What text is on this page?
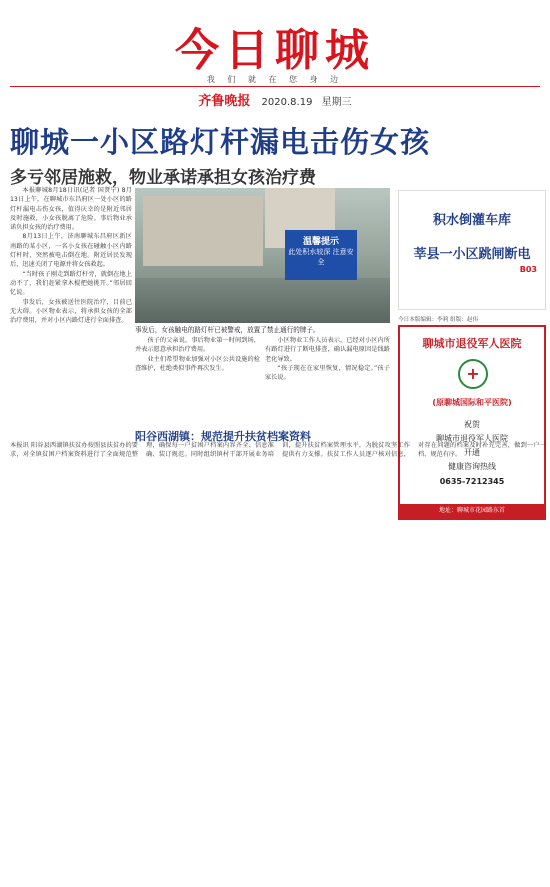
今日聊城
我 们 就 在 您 身 边
齐鲁晚报 2020.8.19 星期三
聊城一小区路灯杆漏电击伤女孩
多亏邻居施救，物业承诺承担女孩治疗费

本报聊城8月18日讯(记者 国贤宁) 8月13日上午，在聊城市东昌府区一处小区的路灯杆漏电击伤女孩，值得庆幸的是附近邻居及时施救，小女孩脱离了危险。事后物业承诺负担女孩的治疗费用。

8月13日上午，济南聊城东昌府区新区南路的某小区，一名小女孩在碰触小区内路灯杆时，突然被电击倒在地。附近居民发现后，迅速关闭了电源并将女孩救起。

“当时孩子刚走到路灯杆旁，就倒在地上动不了，我们赶紧拿木棍把她挑开。”邻居回忆说。

事发后，女孩被送往医院治疗，目前已无大碍。小区物业表示，将承担女孩的全部治疗费用，并对小区内路灯进行全面排查。

温馨提示
此处积水较深 注意安全
事发后，女孩触电的路灯杆已被警戒，放置了禁止通行的牌子。

孩子的父亲说，事后物业第一时间到场，并表示愿意承担治疗费用。

业主们希望物业加强对小区公共设施的检查维护，杜绝类似事件再次发生。

小区物业工作人员表示，已经对小区内所有路灯进行了断电排查，确认漏电原因是线路老化导致。

“孩子现在在家里恢复，情况稳定。”孩子家长说。

积水倒灌车库
莘县一小区跳闸断电
B03
今日本版编辑：李莉 组版：赵伟
聊城市退役军人医院
+
(原聊城国际和平医院)
祝贺
聊城市退役军人医院
开通
健康咨询热线
0635-7212345
地址：聊城市花园路东首
阳谷西湖镇：规范提升扶贫档案资料
本报讯 阳谷县西湖镇扶贫办按照县扶贫办的要求，对全镇贫困户档案资料进行了全面规范整理，确保每一户贫困户档案内容齐全、信息准确、装订规范。同时组织镇村干部开展业务培训，提升扶贫档案管理水平，为脱贫攻坚工作提供有力支撑。扶贫工作人员逐户核对信息，对存在问题的档案及时补充完善，做到一户一档、规范有序。
